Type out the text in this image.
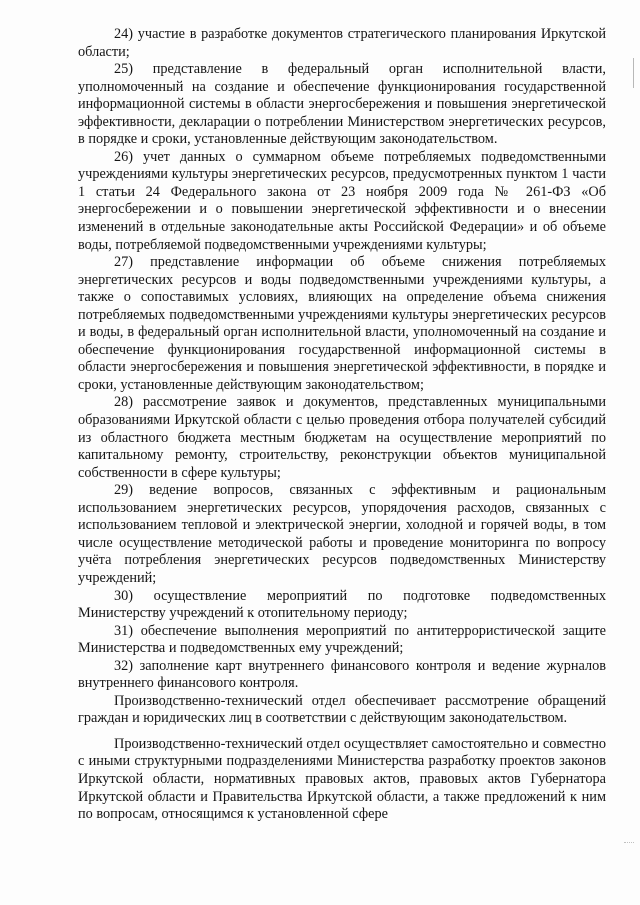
24) участие в разработке документов стратегического планирования Иркутской области;

25) представление в федеральный орган исполнительной власти, уполномоченный на создание и обеспечение функционирования государственной информационной системы в области энергосбережения и повышения энергетической эффективности, декларации о потреблении Министерством энергетических ресурсов, в порядке и сроки, установленные действующим законодательством.

26) учет данных о суммарном объеме потребляемых подведомственными учреждениями культуры энергетических ресурсов, предусмотренных пунктом 1 части 1 статьи 24 Федерального закона от 23 ноября 2009 года № 261-ФЗ «Об энергосбережении и о повышении энергетической эффективности и о внесении изменений в отдельные законодательные акты Российской Федерации» и об объеме воды, потребляемой подведомственными учреждениями культуры;

27) представление информации об объеме снижения потребляемых энергетических ресурсов и воды подведомственными учреждениями культуры, а также о сопоставимых условиях, влияющих на определение объема снижения потребляемых подведомственными учреждениями культуры энергетических ресурсов и воды, в федеральный орган исполнительной власти, уполномоченный на создание и обеспечение функционирования государственной информационной системы в области энергосбережения и повышения энергетической эффективности, в порядке и сроки, установленные действующим законодательством;

28) рассмотрение заявок и документов, представленных муниципальными образованиями Иркутской области с целью проведения отбора получателей субсидий из областного бюджета местным бюджетам на осуществление мероприятий по капитальному ремонту, строительству, реконструкции объектов муниципальной собственности в сфере культуры;

29) ведение вопросов, связанных с эффективным и рациональным использованием энергетических ресурсов, упорядочения расходов, связанных с использованием тепловой и электрической энергии, холодной и горячей воды, в том числе осуществление методической работы и проведение мониторинга по вопросу учёта потребления энергетических ресурсов подведомственных Министерству учреждений;

30) осуществление мероприятий по подготовке подведомственных Министерству учреждений к отопительному периоду;

31) обеспечение выполнения мероприятий по антитеррористической защите Министерства и подведомственных ему учреждений;

32) заполнение карт внутреннего финансового контроля и ведение журналов внутреннего финансового контроля.

Производственно-технический отдел обеспечивает рассмотрение обращений граждан и юридических лиц в соответствии с действующим законодательством.

Производственно-технический отдел осуществляет самостоятельно и совместно с иными структурными подразделениями Министерства разработку проектов законов Иркутской области, нормативных правовых актов, правовых актов Губернатора Иркутской области и Правительства Иркутской области, а также предложений к ним по вопросам, относящимся к установленной сфере
